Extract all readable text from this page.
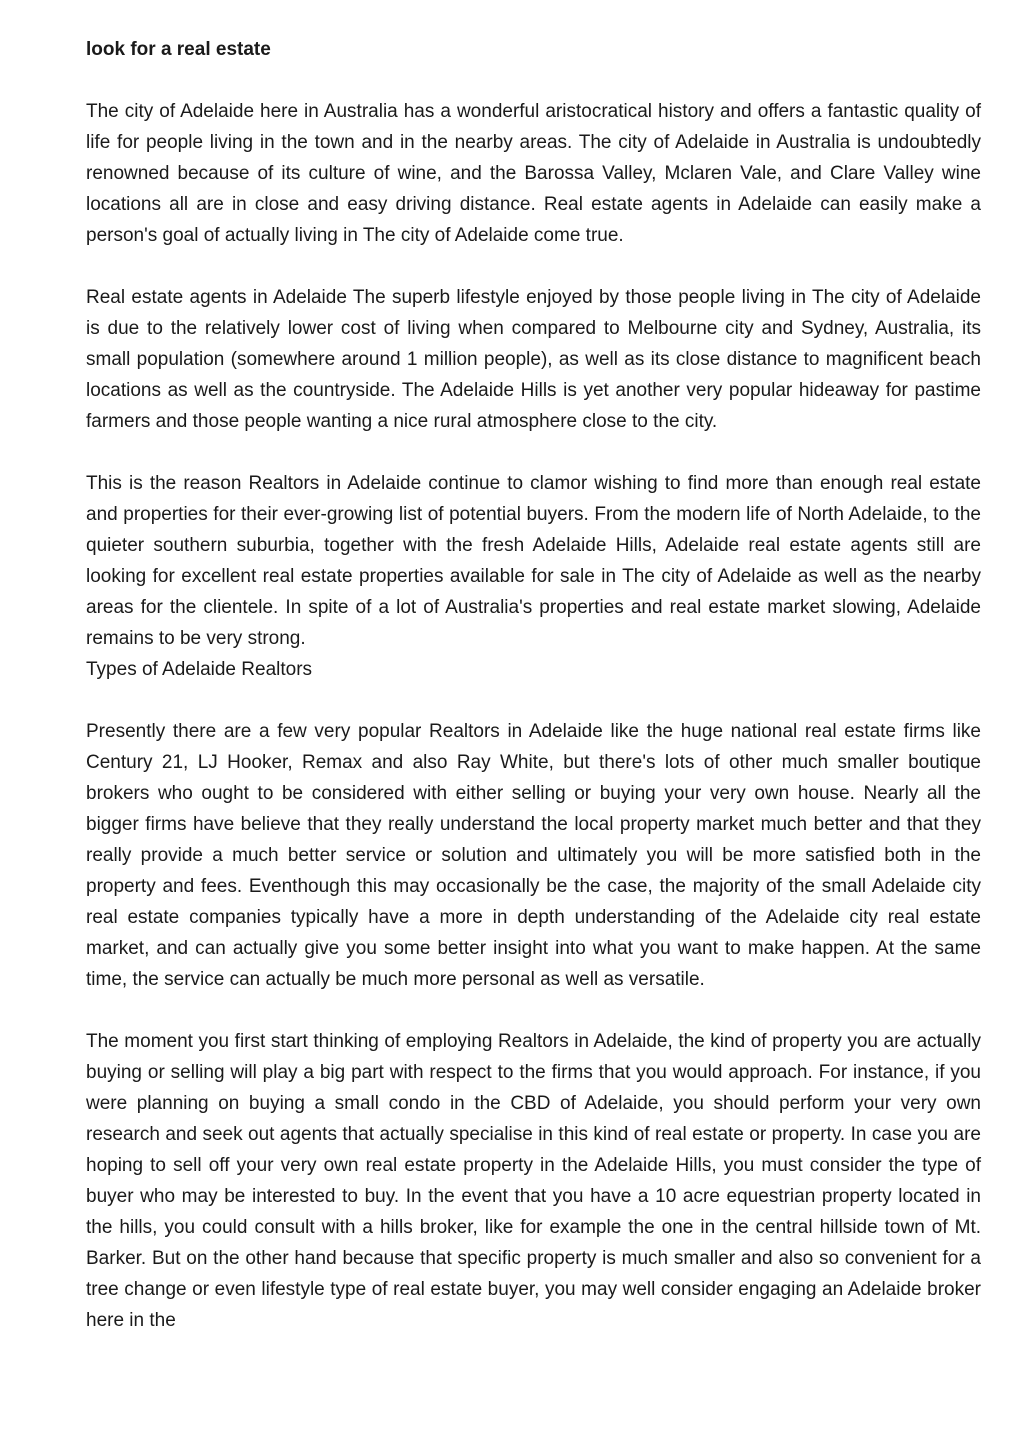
look for a real estate

The city of Adelaide here in Australia has a wonderful aristocratical history and offers a fantastic quality of life for people living in the town and in the nearby areas. The city of Adelaide in Australia is undoubtedly renowned because of its culture of wine, and the Barossa Valley, Mclaren Vale, and Clare Valley wine locations all are in close and easy driving distance. Real estate agents in Adelaide can easily make a person's goal of actually living in The city of Adelaide come true.

Real estate agents in Adelaide The superb lifestyle enjoyed by those people living in The city of Adelaide is due to the relatively lower cost of living when compared to Melbourne city and Sydney, Australia, its small population (somewhere around 1 million people), as well as its close distance to magnificent beach locations as well as the countryside. The Adelaide Hills is yet another very popular hideaway for pastime farmers and those people wanting a nice rural atmosphere close to the city.

This is the reason Realtors in Adelaide continue to clamor wishing to find more than enough real estate and properties for their ever-growing list of potential buyers. From the modern life of North Adelaide, to the quieter southern suburbia, together with the fresh Adelaide Hills, Adelaide real estate agents still are looking for excellent real estate properties available for sale in The city of Adelaide as well as the nearby areas for the clientele. In spite of a lot of Australia's properties and real estate market slowing, Adelaide remains to be very strong.

Types of Adelaide Realtors

Presently there are a few very popular Realtors in Adelaide like the huge national real estate firms like Century 21, LJ Hooker, Remax and also Ray White, but there's lots of other much smaller boutique brokers who ought to be considered with either selling or buying your very own house. Nearly all the bigger firms have believe that they really understand the local property market much better and that they really provide a much better service or solution and ultimately you will be more satisfied both in the property and fees. Eventhough this may occasionally be the case, the majority of the small Adelaide city real estate companies typically have a more in depth understanding of the Adelaide city real estate market, and can actually give you some better insight into what you want to make happen. At the same time, the service can actually be much more personal as well as versatile.

The moment you first start thinking of employing Realtors in Adelaide, the kind of property you are actually buying or selling will play a big part with respect to the firms that you would approach. For instance, if you were planning on buying a small condo in the CBD of Adelaide, you should perform your very own research and seek out agents that actually specialise in this kind of real estate or property. In case you are hoping to sell off your very own real estate property in the Adelaide Hills, you must consider the type of buyer who may be interested to buy. In the event that you have a 10 acre equestrian property located in the hills, you could consult with a hills broker, like for example the one in the central hillside town of Mt. Barker. But on the other hand because that specific property is much smaller and also so convenient for a tree change or even lifestyle type of real estate buyer, you may well consider engaging an Adelaide broker here in the
